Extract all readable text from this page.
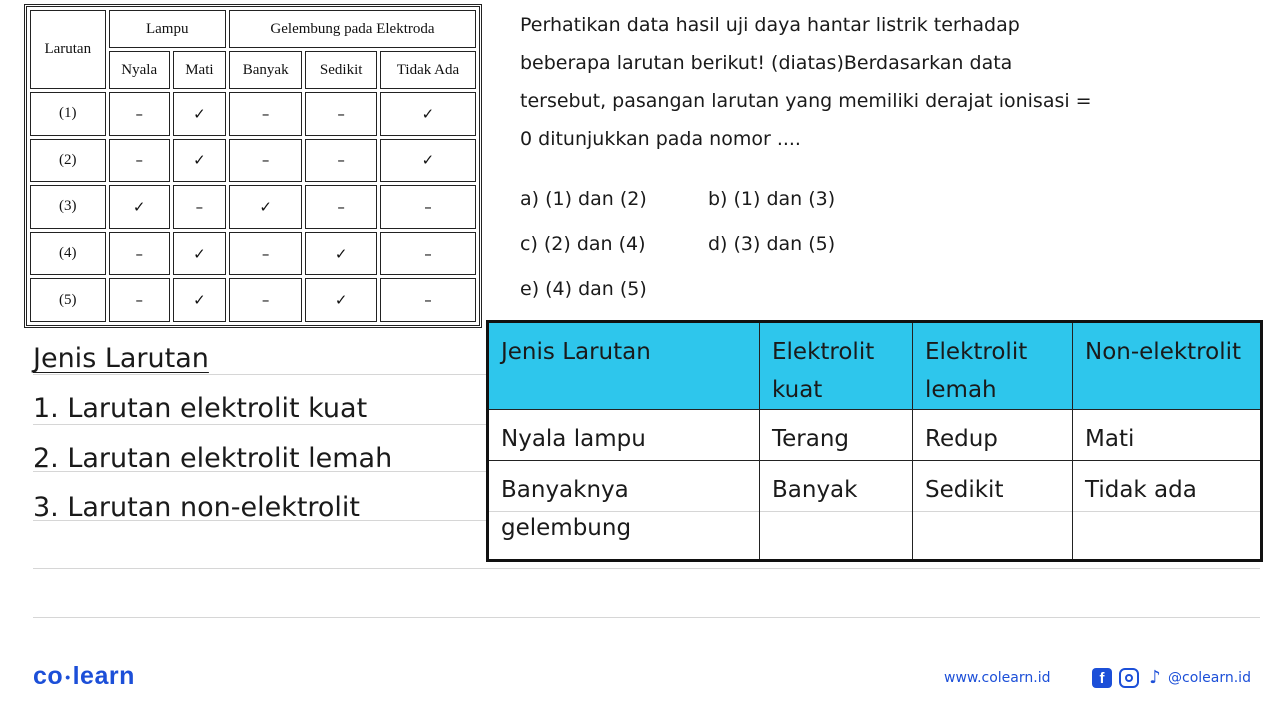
Larutan	Lampu		Gelembung pada Elektroda		
	Nyala	Mati	Banyak	Sedikit	Tidak Ada
(1)	–	✓	–	–	✓
(2)	–	✓	–	–	✓
(3)	✓	–	✓	–	–
(4)	–	✓	–	✓	–
(5)	–	✓	–	✓	–
Perhatikan data hasil uji daya hantar listrik terhadap
beberapa larutan berikut! (diatas)Berdasarkan data
tersebut, pasangan larutan yang memiliki derajat ionisasi =
0 ditunjukkan pada nomor ....
a) (1) dan (2)	b) (1) dan (3)
c) (2) dan (4)	d) (3) dan (5)
e) (4) dan (5)
Jenis Larutan
1. Larutan elektrolit kuat
2. Larutan elektrolit lemah
3. Larutan non-elektrolit
Jenis Larutan	Elektrolit kuat	Elektrolit lemah	Non-elektrolit
Nyala lampu	Terang	Redup	Mati
Banyaknya gelembung	Banyak	Sedikit	Tidak ada
co •learn	www.colearn.id	f	♪ @colearn.id
